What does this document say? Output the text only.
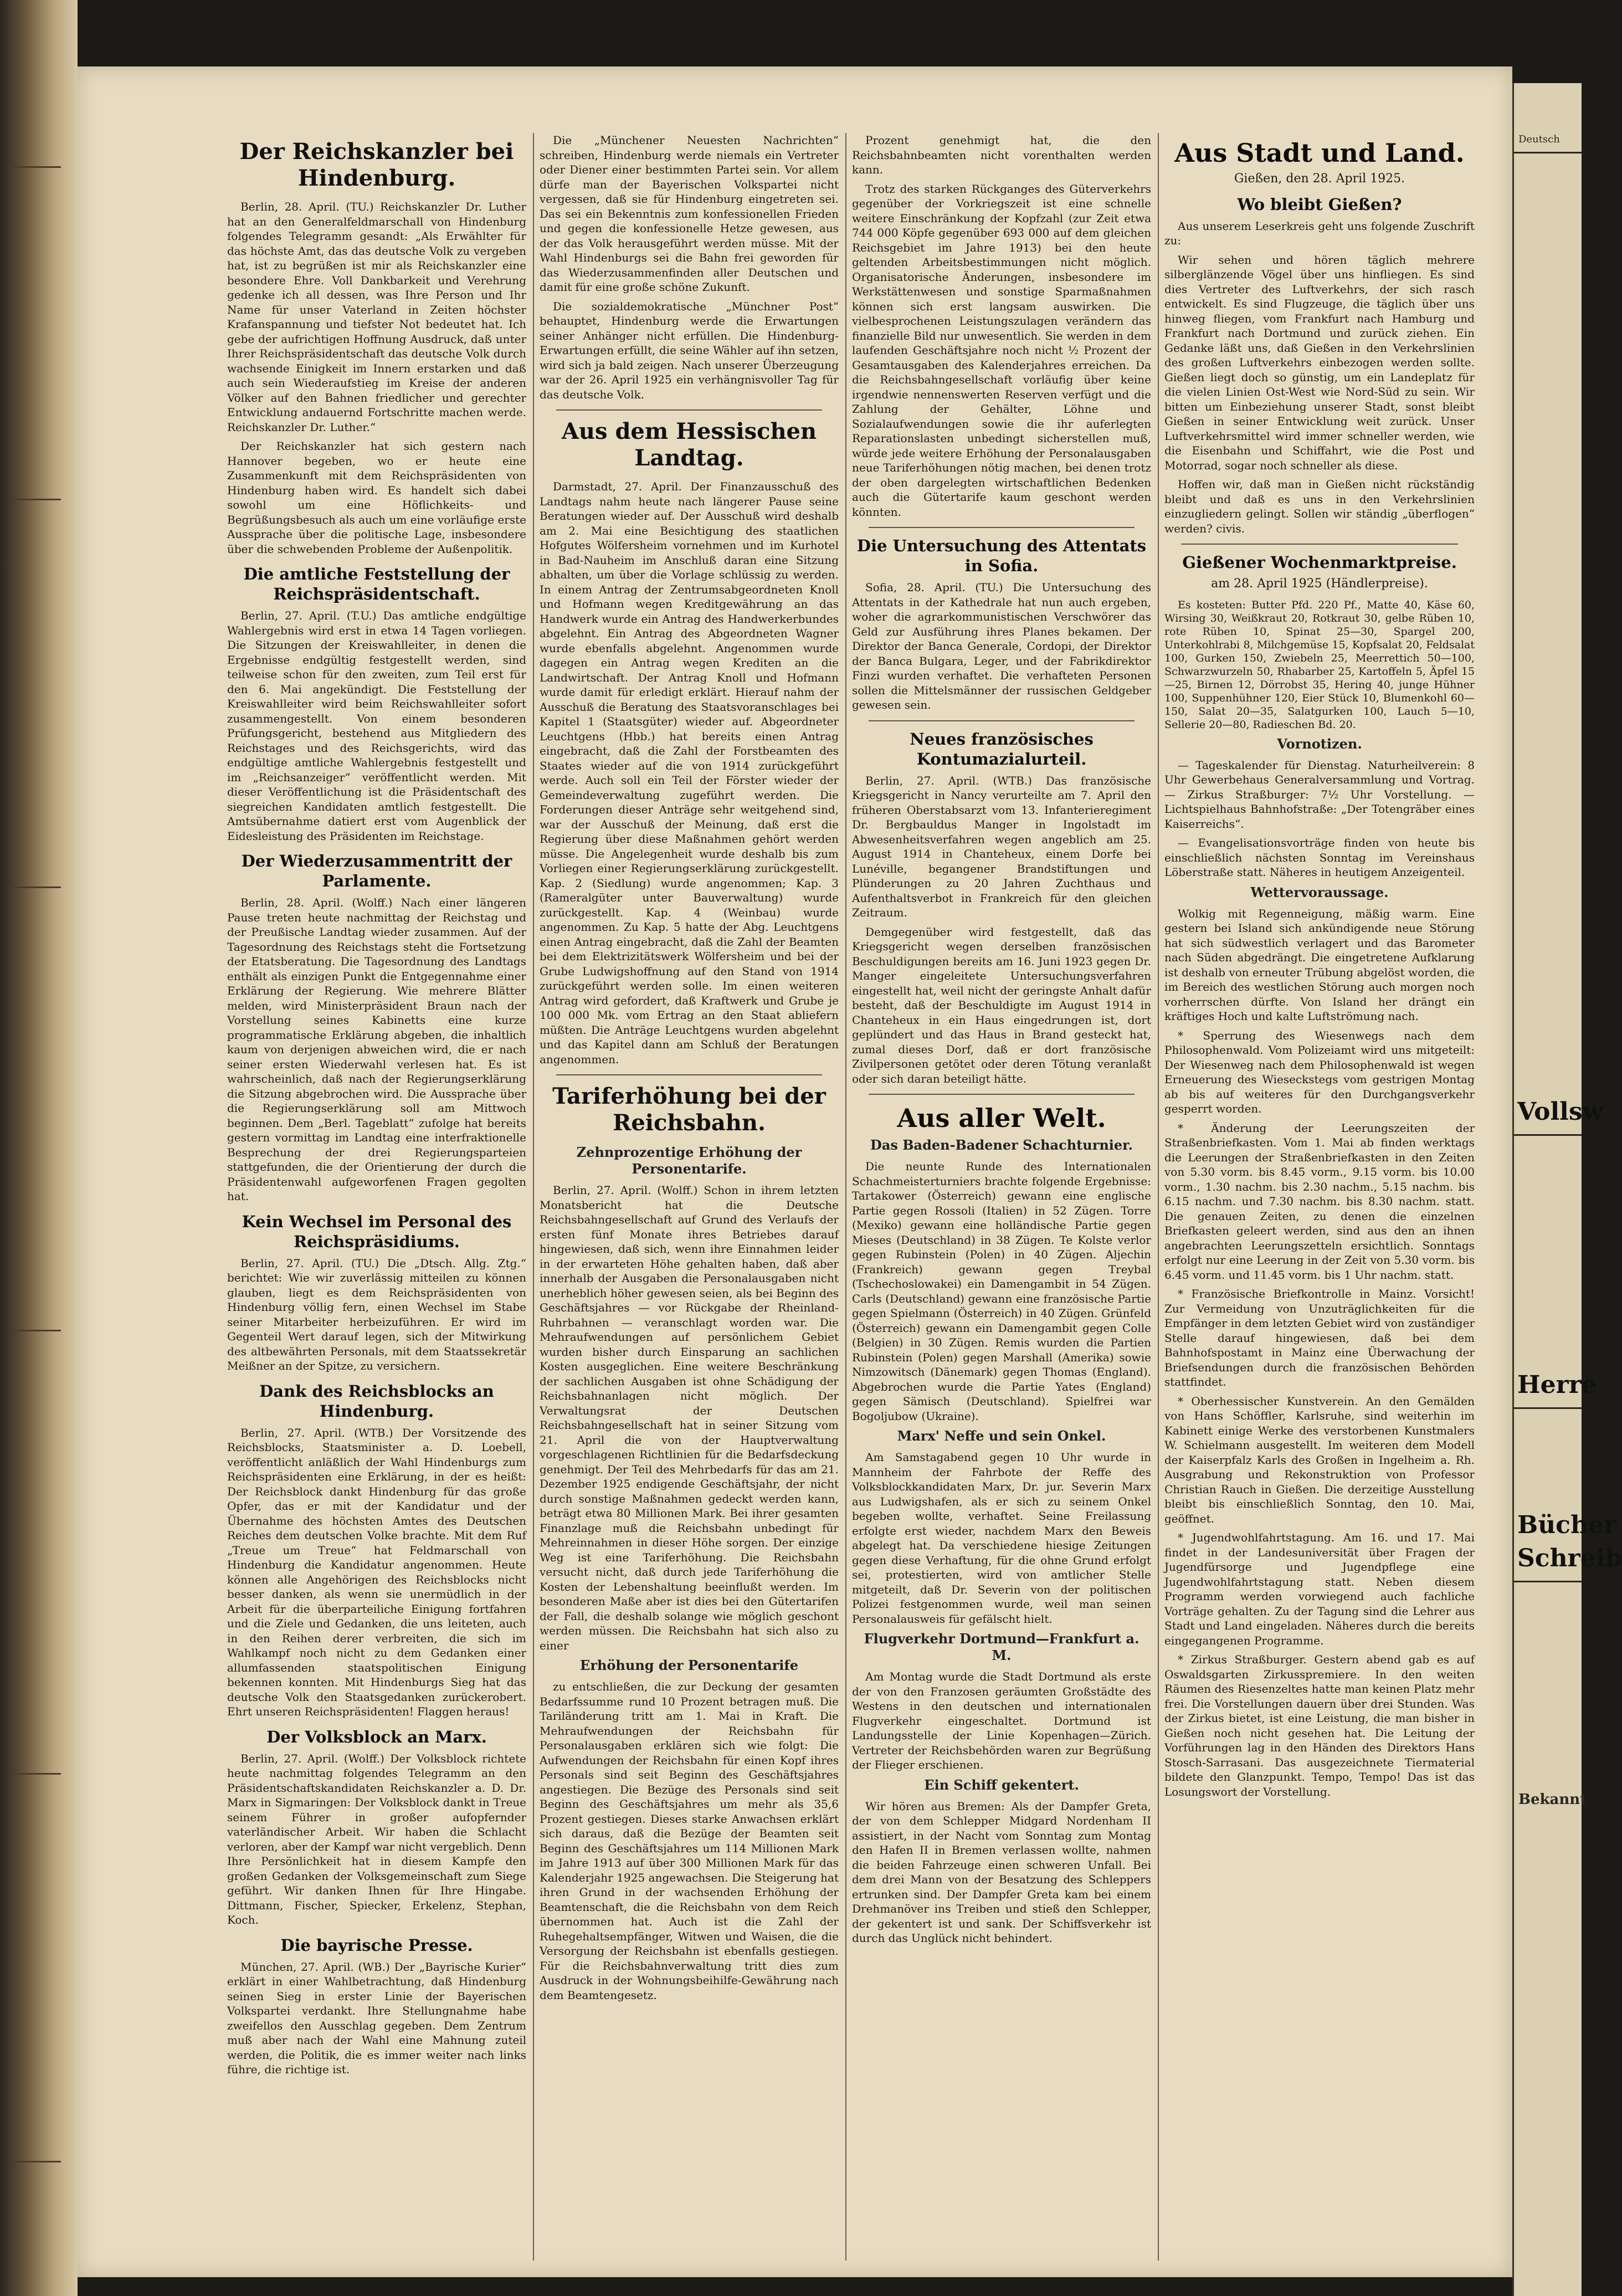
Der Reichskanzler bei Hindenburg.

Berlin, 28. April. (TU.) Reichskanzler Dr. Luther hat an den Generalfeldmarschall von Hindenburg folgendes Telegramm gesandt: „Als Erwählter für das höchste Amt, das das deutsche Volk zu vergeben hat, ist zu begrüßen ist mir als Reichskanzler eine besondere Ehre. Voll Dankbarkeit und Verehrung gedenke ich all dessen, was Ihre Person und Ihr Name für unser Vaterland in Zeiten höchster Krafanspannung und tiefster Not bedeutet hat. Ich gebe der aufrichtigen Hoffnung Ausdruck, daß unter Ihrer Reichspräsidentschaft das deutsche Volk durch wachsende Einigkeit im Innern erstarken und daß auch sein Wiederaufstieg im Kreise der anderen Völker auf den Bahnen friedlicher und gerechter Entwicklung andauernd Fortschritte machen werde. Reichskanzler Dr. Luther.“

Der Reichskanzler hat sich gestern nach Hannover begeben, wo er heute eine Zusammenkunft mit dem Reichspräsidenten von Hindenburg haben wird. Es handelt sich dabei sowohl um eine Höflichkeits- und Begrüßungsbesuch als auch um eine vorläufige erste Aussprache über die politische Lage, insbesondere über die schwebenden Probleme der Außenpolitik.

Die amtliche Feststellung der Reichspräsidentschaft.

Berlin, 27. April. (T.U.) Das amtliche endgültige Wahlergebnis wird erst in etwa 14 Tagen vorliegen. Die Sitzungen der Kreiswahlleiter, in denen die Ergebnisse endgültig festgestellt werden, sind teilweise schon für den zweiten, zum Teil erst für den 6. Mai angekündigt. Die Feststellung der Kreiswahlleiter wird beim Reichswahlleiter sofort zusammengestellt. Von einem besonderen Prüfungsgericht, bestehend aus Mitgliedern des Reichstages und des Reichsgerichts, wird das endgültige amtliche Wahlergebnis festgestellt und im „Reichsanzeiger“ veröffentlicht werden. Mit dieser Veröffentlichung ist die Präsidentschaft des siegreichen Kandidaten amtlich festgestellt. Die Amtsübernahme datiert erst vom Augenblick der Eidesleistung des Präsidenten im Reichstage.

Der Wiederzusammentritt der Parlamente.

Berlin, 28. April. (Wolff.) Nach einer längeren Pause treten heute nachmittag der Reichstag und der Preußische Landtag wieder zusammen. Auf der Tagesordnung des Reichstags steht die Fortsetzung der Etatsberatung. Die Tagesordnung des Landtags enthält als einzigen Punkt die Entgegennahme einer Erklärung der Regierung. Wie mehrere Blätter melden, wird Ministerpräsident Braun nach der Vorstellung seines Kabinetts eine kurze programmatische Erklärung abgeben, die inhaltlich kaum von derjenigen abweichen wird, die er nach seiner ersten Wiederwahl verlesen hat. Es ist wahrscheinlich, daß nach der Regierungserklärung die Sitzung abgebrochen wird. Die Aussprache über die Regierungserklärung soll am Mittwoch beginnen. Dem „Berl. Tageblatt“ zufolge hat bereits gestern vormittag im Landtag eine interfraktionelle Besprechung der drei Regierungsparteien stattgefunden, die der Orientierung der durch die Präsidentenwahl aufgeworfenen Fragen gegolten hat.

Kein Wechsel im Personal des Reichspräsidiums.

Berlin, 27. April. (TU.) Die „Dtsch. Allg. Ztg.“ berichtet: Wie wir zuverlässig mitteilen zu können glauben, liegt es dem Reichspräsidenten von Hindenburg völlig fern, einen Wechsel im Stabe seiner Mitarbeiter herbeizuführen. Er wird im Gegenteil Wert darauf legen, sich der Mitwirkung des altbewährten Personals, mit dem Staatssekretär Meißner an der Spitze, zu versichern.

Dank des Reichsblocks an Hindenburg.

Berlin, 27. April. (WTB.) Der Vorsitzende des Reichsblocks, Staatsminister a. D. Loebell, veröffentlicht anläßlich der Wahl Hindenburgs zum Reichspräsidenten eine Erklärung, in der es heißt: Der Reichsblock dankt Hindenburg für das große Opfer, das er mit der Kandidatur und der Übernahme des höchsten Amtes des Deutschen Reiches dem deutschen Volke brachte. Mit dem Ruf „Treue um Treue“ hat Feldmarschall von Hindenburg die Kandidatur angenommen. Heute können alle Angehörigen des Reichsblocks nicht besser danken, als wenn sie unermüdlich in der Arbeit für die überparteiliche Einigung fortfahren und die Ziele und Gedanken, die uns leiteten, auch in den Reihen derer verbreiten, die sich im Wahlkampf noch nicht zu dem Gedanken einer allumfassenden staatspolitischen Einigung bekennen konnten. Mit Hindenburgs Sieg hat das deutsche Volk den Staatsgedanken zurückerobert. Ehrt unseren Reichspräsidenten! Flaggen heraus!

Der Volksblock an Marx.

Berlin, 27. April. (Wolff.) Der Volksblock richtete heute nachmittag folgendes Telegramm an den Präsidentschaftskandidaten Reichskanzler a. D. Dr. Marx in Sigmaringen: Der Volksblock dankt in Treue seinem Führer in großer aufopfernder vaterländischer Arbeit. Wir haben die Schlacht verloren, aber der Kampf war nicht vergeblich. Denn Ihre Persönlichkeit hat in diesem Kampfe den großen Gedanken der Volksgemeinschaft zum Siege geführt. Wir danken Ihnen für Ihre Hingabe. Dittmann, Fischer, Spiecker, Erkelenz, Stephan, Koch.

Die bayrische Presse.

München, 27. April. (WB.) Der „Bayrische Kurier“ erklärt in einer Wahlbetrachtung, daß Hindenburg seinen Sieg in erster Linie der Bayerischen Volkspartei verdankt. Ihre Stellungnahme habe zweifellos den Ausschlag gegeben. Dem Zentrum muß aber nach der Wahl eine Mahnung zuteil werden, die Politik, die es immer weiter nach links führe, die richtige ist.

Die „Münchener Neuesten Nachrichten“ schreiben, Hindenburg werde niemals ein Vertreter oder Diener einer bestimmten Partei sein. Vor allem dürfe man der Bayerischen Volkspartei nicht vergessen, daß sie für Hindenburg eingetreten sei. Das sei ein Bekenntnis zum konfessionellen Frieden und gegen die konfessionelle Hetze gewesen, aus der das Volk herausgeführt werden müsse. Mit der Wahl Hindenburgs sei die Bahn frei geworden für das Wiederzusammenfinden aller Deutschen und damit für eine große schöne Zukunft.

Die sozialdemokratische „Münchner Post“ behauptet, Hindenburg werde die Erwartungen seiner Anhänger nicht erfüllen. Die Hindenburg-Erwartungen erfüllt, die seine Wähler auf ihn setzen, wird sich ja bald zeigen. Nach unserer Überzeugung war der 26. April 1925 ein verhängnisvoller Tag für das deutsche Volk.

Aus dem Hessischen Landtag.

Darmstadt, 27. April. Der Finanzausschuß des Landtags nahm heute nach längerer Pause seine Beratungen wieder auf. Der Ausschuß wird deshalb am 2. Mai eine Besichtigung des staatlichen Hofgutes Wölfersheim vornehmen und im Kurhotel in Bad-Nauheim im Anschluß daran eine Sitzung abhalten, um über die Vorlage schlüssig zu werden. In einem Antrag der Zentrumsabgeordneten Knoll und Hofmann wegen Kreditgewährung an das Handwerk wurde ein Antrag des Handwerkerbundes abgelehnt. Ein Antrag des Abgeordneten Wagner wurde ebenfalls abgelehnt. Angenommen wurde dagegen ein Antrag wegen Krediten an die Landwirtschaft. Der Antrag Knoll und Hofmann wurde damit für erledigt erklärt. Hierauf nahm der Ausschuß die Beratung des Staatsvoranschlages bei Kapitel 1 (Staatsgüter) wieder auf. Abgeordneter Leuchtgens (Hbb.) hat bereits einen Antrag eingebracht, daß die Zahl der Forstbeamten des Staates wieder auf die von 1914 zurückgeführt werde. Auch soll ein Teil der Förster wieder der Gemeindeverwaltung zugeführt werden. Die Forderungen dieser Anträge sehr weitgehend sind, war der Ausschuß der Meinung, daß erst die Regierung über diese Maßnahmen gehört werden müsse. Die Angelegenheit wurde deshalb bis zum Vorliegen einer Regierungserklärung zurückgestellt. Kap. 2 (Siedlung) wurde angenommen; Kap. 3 (Rameralgüter unter Bauverwaltung) wurde zurückgestellt. Kap. 4 (Weinbau) wurde angenommen. Zu Kap. 5 hatte der Abg. Leuchtgens einen Antrag eingebracht, daß die Zahl der Beamten bei dem Elektrizitätswerk Wölfersheim und bei der Grube Ludwigshoffnung auf den Stand von 1914 zurückgeführt werden solle. Im einen weiteren Antrag wird gefordert, daß Kraftwerk und Grube je 100 000 Mk. vom Ertrag an den Staat abliefern müßten. Die Anträge Leuchtgens wurden abgelehnt und das Kapitel dann am Schluß der Beratungen angenommen.

Tariferhöhung bei der Reichsbahn.
Zehnprozentige Erhöhung der Personentarife.

Berlin, 27. April. (Wolff.) Schon in ihrem letzten Monatsbericht hat die Deutsche Reichsbahngesellschaft auf Grund des Verlaufs der ersten fünf Monate ihres Betriebes darauf hingewiesen, daß sich, wenn ihre Einnahmen leider in der erwarteten Höhe gehalten haben, daß aber innerhalb der Ausgaben die Personalausgaben nicht unerheblich höher gewesen seien, als bei Beginn des Geschäftsjahres — vor Rückgabe der Rheinland-Ruhrbahnen — veranschlagt worden war. Die Mehraufwendungen auf persönlichem Gebiet wurden bisher durch Einsparung an sachlichen Kosten ausgeglichen. Eine weitere Beschränkung der sachlichen Ausgaben ist ohne Schädigung der Reichsbahnanlagen nicht möglich. Der Verwaltungsrat der Deutschen Reichsbahngesellschaft hat in seiner Sitzung vom 21. April die von der Hauptverwaltung vorgeschlagenen Richtlinien für die Bedarfsdeckung genehmigt. Der Teil des Mehrbedarfs für das am 21. Dezember 1925 endigende Geschäftsjahr, der nicht durch sonstige Maßnahmen gedeckt werden kann, beträgt etwa 80 Millionen Mark. Bei ihrer gesamten Finanzlage muß die Reichsbahn unbedingt für Mehreinnahmen in dieser Höhe sorgen. Der einzige Weg ist eine Tariferhöhung. Die Reichsbahn versucht nicht, daß durch jede Tariferhöhung die Kosten der Lebenshaltung beeinflußt werden. Im besonderen Maße aber ist dies bei den Gütertarifen der Fall, die deshalb solange wie möglich geschont werden müssen. Die Reichsbahn hat sich also zu einer

Erhöhung der Personentarife

zu entschließen, die zur Deckung der gesamten Bedarfssumme rund 10 Prozent betragen muß. Die Tariländerung tritt am 1. Mai in Kraft. Die Mehraufwendungen der Reichsbahn für Personalausgaben erklären sich wie folgt: Die Aufwendungen der Reichsbahn für einen Kopf ihres Personals sind seit Beginn des Geschäftsjahres angestiegen. Die Bezüge des Personals sind seit Beginn des Geschäftsjahres um mehr als 35,6 Prozent gestiegen. Dieses starke Anwachsen erklärt sich daraus, daß die Bezüge der Beamten seit Beginn des Geschäftsjahres um 114 Millionen Mark im Jahre 1913 auf über 300 Millionen Mark für das Kalenderjahr 1925 angewachsen. Die Steigerung hat ihren Grund in der wachsenden Erhöhung der Beamtenschaft, die die Reichsbahn von dem Reich übernommen hat. Auch ist die Zahl der Ruhegehaltsempfänger, Witwen und Waisen, die die Versorgung der Reichsbahn ist ebenfalls gestiegen. Für die Reichsbahnverwaltung tritt dies zum Ausdruck in der Wohnungsbeihilfe-Gewährung nach dem Beamtengesetz.

Prozent genehmigt hat, die den Reichsbahnbeamten nicht vorenthalten werden kann.

Trotz des starken Rückganges des Güterverkehrs gegenüber der Vorkriegszeit ist eine schnelle weitere Einschränkung der Kopfzahl (zur Zeit etwa 744 000 Köpfe gegenüber 693 000 auf dem gleichen Reichsgebiet im Jahre 1913) bei den heute geltenden Arbeitsbestimmungen nicht möglich. Organisatorische Änderungen, insbesondere im Werkstättenwesen und sonstige Sparmaßnahmen können sich erst langsam auswirken. Die vielbesprochenen Leistungszulagen verändern das finanzielle Bild nur unwesentlich. Sie werden in dem laufenden Geschäftsjahre noch nicht ½ Prozent der Gesamtausgaben des Kalenderjahres erreichen. Da die Reichsbahngesellschaft vorläufig über keine irgendwie nennenswerten Reserven verfügt und die Zahlung der Gehälter, Löhne und Sozialaufwendungen sowie die ihr auferlegten Reparationslasten unbedingt sicherstellen muß, würde jede weitere Erhöhung der Personalausgaben neue Tariferhöhungen nötig machen, bei denen trotz der oben dargelegten wirtschaftlichen Bedenken auch die Gütertarife kaum geschont werden könnten.

Die Untersuchung des Attentats in Sofia.

Sofia, 28. April. (TU.) Die Untersuchung des Attentats in der Kathedrale hat nun auch ergeben, woher die agrarkommunistischen Verschwörer das Geld zur Ausführung ihres Planes bekamen. Der Direktor der Banca Generale, Cordopi, der Direktor der Banca Bulgara, Leger, und der Fabrikdirektor Finzi wurden verhaftet. Die verhafteten Personen sollen die Mittelsmänner der russischen Geldgeber gewesen sein.

Neues französisches Kontumazialurteil.

Berlin, 27. April. (WTB.) Das französische Kriegsgericht in Nancy verurteilte am 7. April den früheren Oberstabsarzt vom 13. Infanterieregiment Dr. Bergbauldus Manger in Ingolstadt im Abwesenheitsverfahren wegen angeblich am 25. August 1914 in Chanteheux, einem Dorfe bei Lunéville, begangener Brandstiftungen und Plünderungen zu 20 Jahren Zuchthaus und Aufenthaltsverbot in Frankreich für den gleichen Zeitraum.

Demgegenüber wird festgestellt, daß das Kriegsgericht wegen derselben französischen Beschuldigungen bereits am 16. Juni 1923 gegen Dr. Manger eingeleitete Untersuchungsverfahren eingestellt hat, weil nicht der geringste Anhalt dafür besteht, daß der Beschuldigte im August 1914 in Chanteheux in ein Haus eingedrungen ist, dort geplündert und das Haus in Brand gesteckt hat, zumal dieses Dorf, daß er dort französische Zivilpersonen getötet oder deren Tötung veranlaßt oder sich daran beteiligt hätte.

Aus aller Welt.
Das Baden-Badener Schachturnier.

Die neunte Runde des Internationalen Schachmeisterturniers brachte folgende Ergebnisse: Tartakower (Österreich) gewann eine englische Partie gegen Rossoli (Italien) in 52 Zügen. Torre (Mexiko) gewann eine holländische Partie gegen Mieses (Deutschland) in 38 Zügen. Te Kolste verlor gegen Rubinstein (Polen) in 40 Zügen. Aljechin (Frankreich) gewann gegen Treybal (Tschechoslowakei) ein Damengambit in 54 Zügen. Carls (Deutschland) gewann eine französische Partie gegen Spielmann (Österreich) in 40 Zügen. Grünfeld (Österreich) gewann ein Damengambit gegen Colle (Belgien) in 30 Zügen. Remis wurden die Partien Rubinstein (Polen) gegen Marshall (Amerika) sowie Nimzowitsch (Dänemark) gegen Thomas (England). Abgebrochen wurde die Partie Yates (England) gegen Sämisch (Deutschland). Spielfrei war Bogoljubow (Ukraine).

Marx' Neffe und sein Onkel.

Am Samstagabend gegen 10 Uhr wurde in Mannheim der Fahrbote der Reffe des Volksblockkandidaten Marx, Dr. jur. Severin Marx aus Ludwigshafen, als er sich zu seinem Onkel begeben wollte, verhaftet. Seine Freilassung erfolgte erst wieder, nachdem Marx den Beweis abgelegt hat. Da verschiedene hiesige Zeitungen gegen diese Verhaftung, für die ohne Grund erfolgt sei, protestierten, wird von amtlicher Stelle mitgeteilt, daß Dr. Severin von der politischen Polizei festgenommen wurde, weil man seinen Personalausweis für gefälscht hielt.

Flugverkehr Dortmund—Frankfurt a. M.

Am Montag wurde die Stadt Dortmund als erste der von den Franzosen geräumten Großstädte des Westens in den deutschen und internationalen Flugverkehr eingeschaltet. Dortmund ist Landungsstelle der Linie Kopenhagen—Zürich. Vertreter der Reichsbehörden waren zur Begrüßung der Flieger erschienen.

Ein Schiff gekentert.

Wir hören aus Bremen: Als der Dampfer Greta, der von dem Schlepper Midgard Nordenham II assistiert, in der Nacht vom Sonntag zum Montag den Hafen II in Bremen verlassen wollte, nahmen die beiden Fahrzeuge einen schweren Unfall. Bei dem drei Mann von der Besatzung des Schleppers ertrunken sind. Der Dampfer Greta kam bei einem Drehmanöver ins Treiben und stieß den Schlepper, der gekentert ist und sank. Der Schiffsverkehr ist durch das Unglück nicht behindert.

Aus Stadt und Land.
Gießen, den 28. April 1925.
Wo bleibt Gießen?

Aus unserem Leserkreis geht uns folgende Zuschrift zu:

Wir sehen und hören täglich mehrere silberglänzende Vögel über uns hinfliegen. Es sind dies Vertreter des Luftverkehrs, der sich rasch entwickelt. Es sind Flugzeuge, die täglich über uns hinweg fliegen, vom Frankfurt nach Hamburg und Frankfurt nach Dortmund und zurück ziehen. Ein Gedanke läßt uns, daß Gießen in den Verkehrslinien des großen Luftverkehrs einbezogen werden sollte. Gießen liegt doch so günstig, um ein Landeplatz für die vielen Linien Ost-West wie Nord-Süd zu sein. Wir bitten um Einbeziehung unserer Stadt, sonst bleibt Gießen in seiner Entwicklung weit zurück. Unser Luftverkehrsmittel wird immer schneller werden, wie die Eisenbahn und Schiffahrt, wie die Post und Motorrad, sogar noch schneller als diese.

Hoffen wir, daß man in Gießen nicht rückständig bleibt und daß es uns in den Verkehrslinien einzugliedern gelingt. Sollen wir ständig „überflogen“ werden? civis.

Gießener Wochenmarktpreise.
am 28. April 1925 (Händlerpreise).

Es kosteten: Butter Pfd. 220 Pf., Matte 40, Käse 60, Wirsing 30, Weißkraut 20, Rotkraut 30, gelbe Rüben 10, rote Rüben 10, Spinat 25—30, Spargel 200, Unterkohlrabi 8, Milchgemüse 15, Kopfsalat 20, Feldsalat 100, Gurken 150, Zwiebeln 25, Meerrettich 50—100, Schwarzwurzeln 50, Rhabarber 25, Kartoffeln 5, Äpfel 15—25, Birnen 12, Dörrobst 35, Hering 40, junge Hühner 100, Suppenhühner 120, Eier Stück 10, Blumenkohl 60—150, Salat 20—35, Salatgurken 100, Lauch 5—10, Sellerie 20—80, Radieschen Bd. 20.

Vornotizen.

— Tageskalender für Dienstag. Naturheilverein: 8 Uhr Gewerbehaus Generalversammlung und Vortrag. — Zirkus Straßburger: 7½ Uhr Vorstellung. — Lichtspielhaus Bahnhofstraße: „Der Totengräber eines Kaiserreichs“.

— Evangelisationsvorträge finden von heute bis einschließlich nächsten Sonntag im Vereinshaus Löberstraße statt. Näheres in heutigem Anzeigenteil.

Wettervoraussage.

Wolkig mit Regenneigung, mäßig warm. Eine gestern bei Island sich ankündigende neue Störung hat sich südwestlich verlagert und das Barometer nach Süden abgedrängt. Die eingetretene Aufklarung ist deshalb von erneuter Trübung abgelöst worden, die im Bereich des westlichen Störung auch morgen noch vorherrschen dürfte. Von Island her drängt ein kräftiges Hoch und kalte Luftströmung nach.

* Sperrung des Wiesenwegs nach dem Philosophenwald. Vom Polizeiamt wird uns mitgeteilt: Der Wiesenweg nach dem Philosophenwald ist wegen Erneuerung des Wieseckstegs vom gestrigen Montag ab bis auf weiteres für den Durchgangsverkehr gesperrt worden.

* Änderung der Leerungszeiten der Straßenbriefkasten. Vom 1. Mai ab finden werktags die Leerungen der Straßenbriefkasten in den Zeiten von 5.30 vorm. bis 8.45 vorm., 9.15 vorm. bis 10.00 vorm., 1.30 nachm. bis 2.30 nachm., 5.15 nachm. bis 6.15 nachm. und 7.30 nachm. bis 8.30 nachm. statt. Die genauen Zeiten, zu denen die einzelnen Briefkasten geleert werden, sind aus den an ihnen angebrachten Leerungszetteln ersichtlich. Sonntags erfolgt nur eine Leerung in der Zeit von 5.30 vorm. bis 6.45 vorm. und 11.45 vorm. bis 1 Uhr nachm. statt.

* Französische Briefkontrolle in Mainz. Vorsicht! Zur Vermeidung von Unzuträglichkeiten für die Empfänger in dem letzten Gebiet wird von zuständiger Stelle darauf hingewiesen, daß bei dem Bahnhofspostamt in Mainz eine Überwachung der Briefsendungen durch die französischen Behörden stattfindet.

* Oberhessischer Kunstverein. An den Gemälden von Hans Schöffler, Karlsruhe, sind weiterhin im Kabinett einige Werke des verstorbenen Kunstmalers W. Schielmann ausgestellt. Im weiteren dem Modell der Kaiserpfalz Karls des Großen in Ingelheim a. Rh. Ausgrabung und Rekonstruktion von Professor Christian Rauch in Gießen. Die derzeitige Ausstellung bleibt bis einschließlich Sonntag, den 10. Mai, geöffnet.

* Jugendwohlfahrtstagung. Am 16. und 17. Mai findet in der Landesuniversität über Fragen der Jugendfürsorge und Jugendpflege eine Jugendwohlfahrtstagung statt. Neben diesem Programm werden vorwiegend auch fachliche Vorträge gehalten. Zu der Tagung sind die Lehrer aus Stadt und Land eingeladen. Näheres durch die bereits eingegangenen Programme.

* Zirkus Straßburger. Gestern abend gab es auf Oswaldsgarten Zirkusspremiere. In den weiten Räumen des Riesenzeltes hatte man keinen Platz mehr frei. Die Vorstellungen dauern über drei Stunden. Was der Zirkus bietet, ist eine Leistung, die man bisher in Gießen noch nicht gesehen hat. Die Leitung der Vorführungen lag in den Händen des Direktors Hans Stosch-Sarrasani. Das ausgezeichnete Tiermaterial bildete den Glanzpunkt. Tempo, Tempo! Das ist das Losungswort der Vorstellung.

Deutsch
Vollsw
Herre
Bücher
Schreib
Bekannt
